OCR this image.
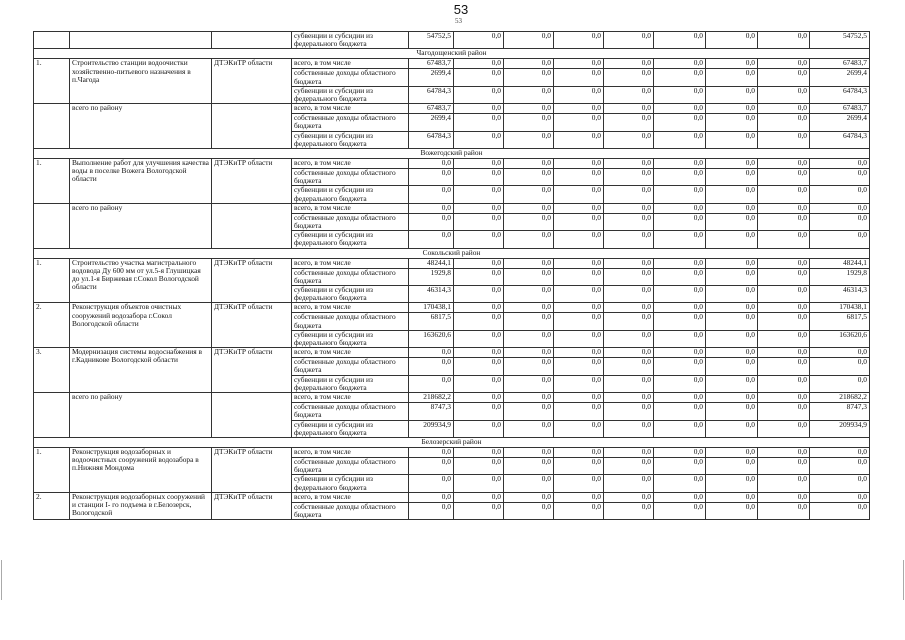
53
53
			субвенции и субсидии из федерального бюджета	54752,5	0,0	0,0	0,0	0,0	0,0	0,0	0,0	54752,5
Чагодощенский район												
1.	Строительство станции водоочистки хозяйственно-питьевого назначения в п.Чагода	ДТЭКиТР области	всего, в том числе	67483,7	0,0	0,0	0,0	0,0	0,0	0,0	0,0	67483,7
			собственные доходы областного бюджета	2699,4	0,0	0,0	0,0	0,0	0,0	0,0	0,0	2699,4
			субвенции и субсидии из федерального бюджета	64784,3	0,0	0,0	0,0	0,0	0,0	0,0	0,0	64784,3
	всего по району		всего, в том числе	67483,7	0,0	0,0	0,0	0,0	0,0	0,0	0,0	67483,7
			собственные доходы областного бюджета	2699,4	0,0	0,0	0,0	0,0	0,0	0,0	0,0	2699,4
			субвенции и субсидии из федерального бюджета	64784,3	0,0	0,0	0,0	0,0	0,0	0,0	0,0	64784,3
Вожегодский район												
1.	Выполнение работ для улучшения качества воды в поселке Вожега Вологодской области	ДТЭКиТР области	всего, в том числе	0,0	0,0	0,0	0,0	0,0	0,0	0,0	0,0	0,0
			собственные доходы областного бюджета	0,0	0,0	0,0	0,0	0,0	0,0	0,0	0,0	0,0
			субвенции и субсидии из федерального бюджета	0,0	0,0	0,0	0,0	0,0	0,0	0,0	0,0	0,0
	всего по району		всего, в том числе	0,0	0,0	0,0	0,0	0,0	0,0	0,0	0,0	0,0
			собственные доходы областного бюджета	0,0	0,0	0,0	0,0	0,0	0,0	0,0	0,0	0,0
			субвенции и субсидии из федерального бюджета	0,0	0,0	0,0	0,0	0,0	0,0	0,0	0,0	0,0
Сокольский район												
1.	Строительство участка магистрального водовода Ду 600 мм от ул.5-я Глушицкая до ул.1-я Биржевая г.Сокол Вологодской области	ДТЭКиТР области	всего, в том числе	48244,1	0,0	0,0	0,0	0,0	0,0	0,0	0,0	48244,1
			собственные доходы областного бюджета	1929,8	0,0	0,0	0,0	0,0	0,0	0,0	0,0	1929,8
			субвенции и субсидии из федерального бюджета	46314,3	0,0	0,0	0,0	0,0	0,0	0,0	0,0	46314,3
2.	Реконструкция объектов очистных сооружений водозабора г.Сокол Вологодской области	ДТЭКиТР области	всего, в том числе	170438,1	0,0	0,0	0,0	0,0	0,0	0,0	0,0	170438,1
			собственные доходы областного бюджета	6817,5	0,0	0,0	0,0	0,0	0,0	0,0	0,0	6817,5
			субвенции и субсидии из федерального бюджета	163620,6	0,0	0,0	0,0	0,0	0,0	0,0	0,0	163620,6
3.	Модернизация системы водоснабжения в г.Кадникове Вологодской области	ДТЭКиТР области	всего, в том числе	0,0	0,0	0,0	0,0	0,0	0,0	0,0	0,0	0,0
			собственные доходы областного бюджета	0,0	0,0	0,0	0,0	0,0	0,0	0,0	0,0	0,0
			субвенции и субсидии из федерального бюджета	0,0	0,0	0,0	0,0	0,0	0,0	0,0	0,0	0,0
	всего по району		всего, в том числе	218682,2	0,0	0,0	0,0	0,0	0,0	0,0	0,0	218682,2
			собственные доходы областного бюджета	8747,3	0,0	0,0	0,0	0,0	0,0	0,0	0,0	8747,3
			субвенции и субсидии из федерального бюджета	209934,9	0,0	0,0	0,0	0,0	0,0	0,0	0,0	209934,9
Белозерский район												
1.	Реконструкция водозаборных и водоочистных сооружений водозабора в п.Нижняя Мондома	ДТЭКиТР области	всего, в том числе	0,0	0,0	0,0	0,0	0,0	0,0	0,0	0,0	0,0
			собственные доходы областного бюджета	0,0	0,0	0,0	0,0	0,0	0,0	0,0	0,0	0,0
			субвенции и субсидии из федерального бюджета	0,0	0,0	0,0	0,0	0,0	0,0	0,0	0,0	0,0
2.	Реконструкция водозаборных сооружений и станции I- го подъема в г.Белозерск, Вологодской	ДТЭКиТР области	всего, в том числе	0,0	0,0	0,0	0,0	0,0	0,0	0,0	0,0	0,0
			собственные доходы областного бюджета	0,0	0,0	0,0	0,0	0,0	0,0	0,0	0,0	0,0
